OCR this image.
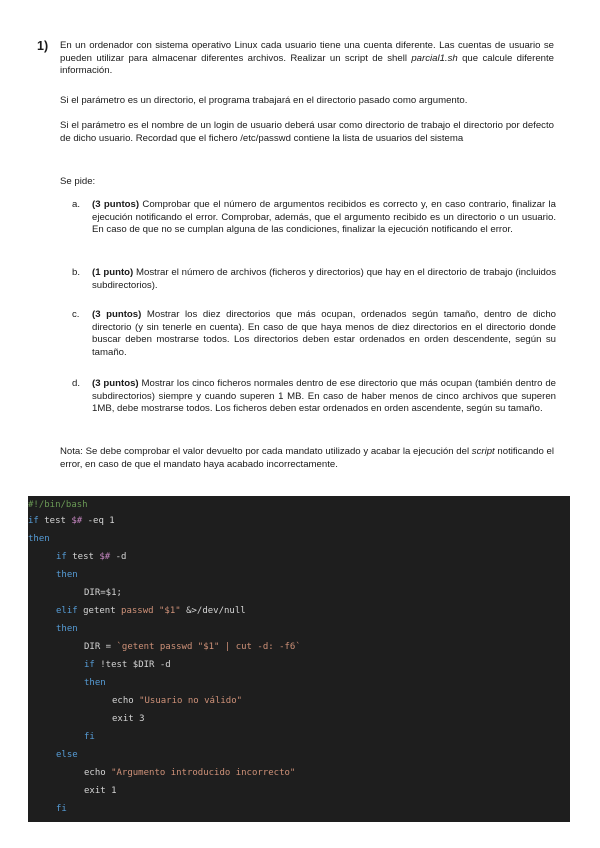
1) En un ordenador con sistema operativo Linux cada usuario tiene una cuenta diferente. Las cuentas de usuario se pueden utilizar para almacenar diferentes archivos. Realizar un script de shell parcial1.sh que calcule diferente información.

Si el parámetro es un directorio, el programa trabajará en el directorio pasado como argumento.

Si el parámetro es el nombre de un login de usuario deberá usar como directorio de trabajo el directorio por defecto de dicho usuario. Recordad que el fichero /etc/passwd contiene la lista de usuarios del sistema

Se pide:

a.	(3 puntos) Comprobar que el número de argumentos recibidos es correcto y, en caso contrario, finalizar la ejecución notificando el error. Comprobar, además, que el argumento recibido es un directorio o un usuario. En caso de que no se cumplan alguna de las condiciones, finalizar la ejecución notificando el error.

b.	(1 punto) Mostrar el número de archivos (ficheros y directorios) que hay en el directorio de trabajo (incluidos subdirectorios).

c.	(3 puntos) Mostrar los diez directorios que más ocupan, ordenados según tamaño, dentro de dicho directorio (y sin tenerle en cuenta). En caso de que haya menos de diez directorios en el directorio donde buscar deben mostrarse todos. Los directorios deben estar ordenados en orden descendente, según su tamaño.

d.	(3 puntos) Mostrar los cinco ficheros normales dentro de ese directorio que más ocupan (también dentro de subdirectorios) siempre y cuando superen 1 MB. En caso de haber menos de cinco archivos que superen 1MB, debe mostrarse todos. Los ficheros deben estar ordenados en orden ascendente, según su tamaño.

Nota: Se debe comprobar el valor devuelto por cada mandato utilizado y acabar la ejecución del script notificando el error, en caso de que el mandato haya acabado incorrectamente.

#!/bin/bash
if test $# -eq 1
then
if test $# -d
then
DIR=$1;
elif getent passwd "$1" &>/dev/null
then
DIR = `getent passwd "$1" | cut -d: -f6`
if !test $DIR -d
then
echo "Usuario no válido"
exit 3
fi
else
echo "Argumento introducido incorrecto"
exit 1
fi
